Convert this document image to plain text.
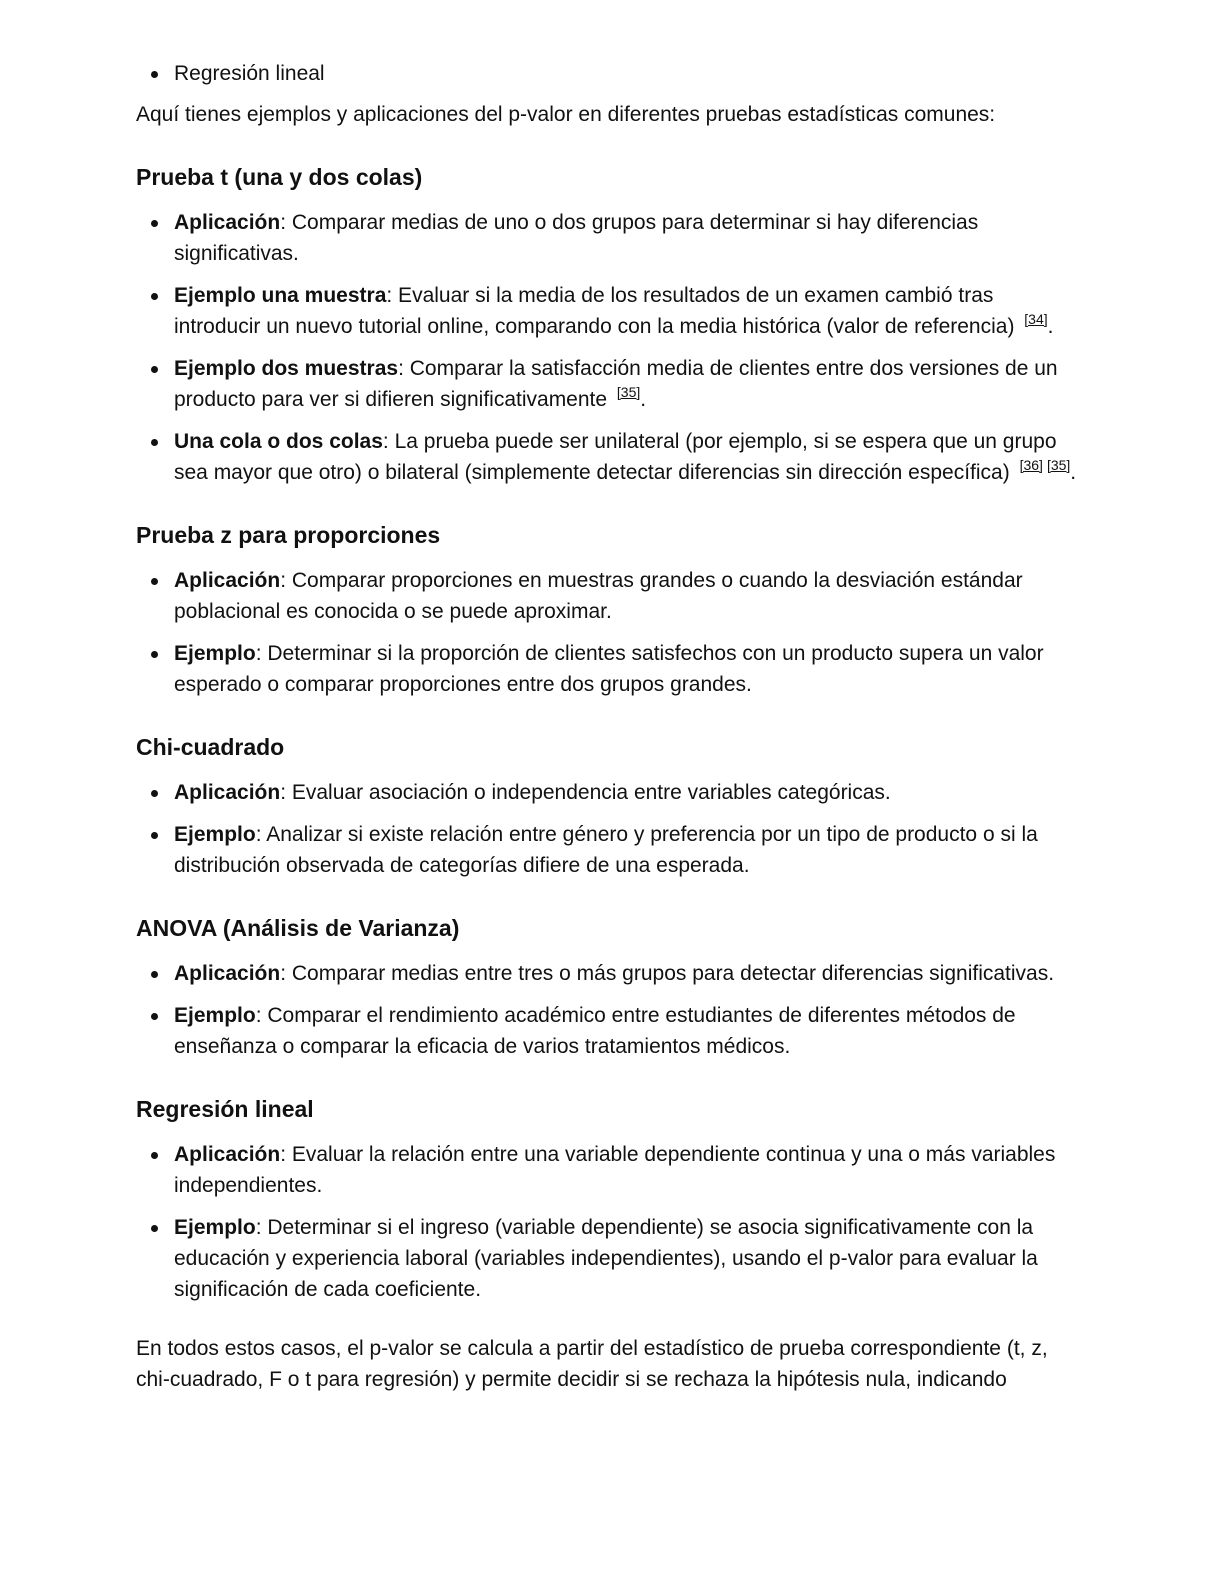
Regresión lineal

Aquí tienes ejemplos y aplicaciones del p-valor en diferentes pruebas estadísticas comunes:

Prueba t (una y dos colas)
Aplicación: Comparar medias de uno o dos grupos para determinar si hay diferencias significativas.
Ejemplo una muestra: Evaluar si la media de los resultados de un examen cambió tras introducir un nuevo tutorial online, comparando con la media histórica (valor de referencia) [34].
Ejemplo dos muestras: Comparar la satisfacción media de clientes entre dos versiones de un producto para ver si difieren significativamente [35].
Una cola o dos colas: La prueba puede ser unilateral (por ejemplo, si se espera que un grupo sea mayor que otro) o bilateral (simplemente detectar diferencias sin dirección específica) [36] [35].
Prueba z para proporciones
Aplicación: Comparar proporciones en muestras grandes o cuando la desviación estándar poblacional es conocida o se puede aproximar.
Ejemplo: Determinar si la proporción de clientes satisfechos con un producto supera un valor esperado o comparar proporciones entre dos grupos grandes.
Chi-cuadrado
Aplicación: Evaluar asociación o independencia entre variables categóricas.
Ejemplo: Analizar si existe relación entre género y preferencia por un tipo de producto o si la distribución observada de categorías difiere de una esperada.
ANOVA (Análisis de Varianza)
Aplicación: Comparar medias entre tres o más grupos para detectar diferencias significativas.
Ejemplo: Comparar el rendimiento académico entre estudiantes de diferentes métodos de enseñanza o comparar la eficacia de varios tratamientos médicos.
Regresión lineal
Aplicación: Evaluar la relación entre una variable dependiente continua y una o más variables independientes.
Ejemplo: Determinar si el ingreso (variable dependiente) se asocia significativamente con la educación y experiencia laboral (variables independientes), usando el p-valor para evaluar la significación de cada coeficiente.

En todos estos casos, el p-valor se calcula a partir del estadístico de prueba correspondiente (t, z, chi-cuadrado, F o t para regresión) y permite decidir si se rechaza la hipótesis nula, indicando
